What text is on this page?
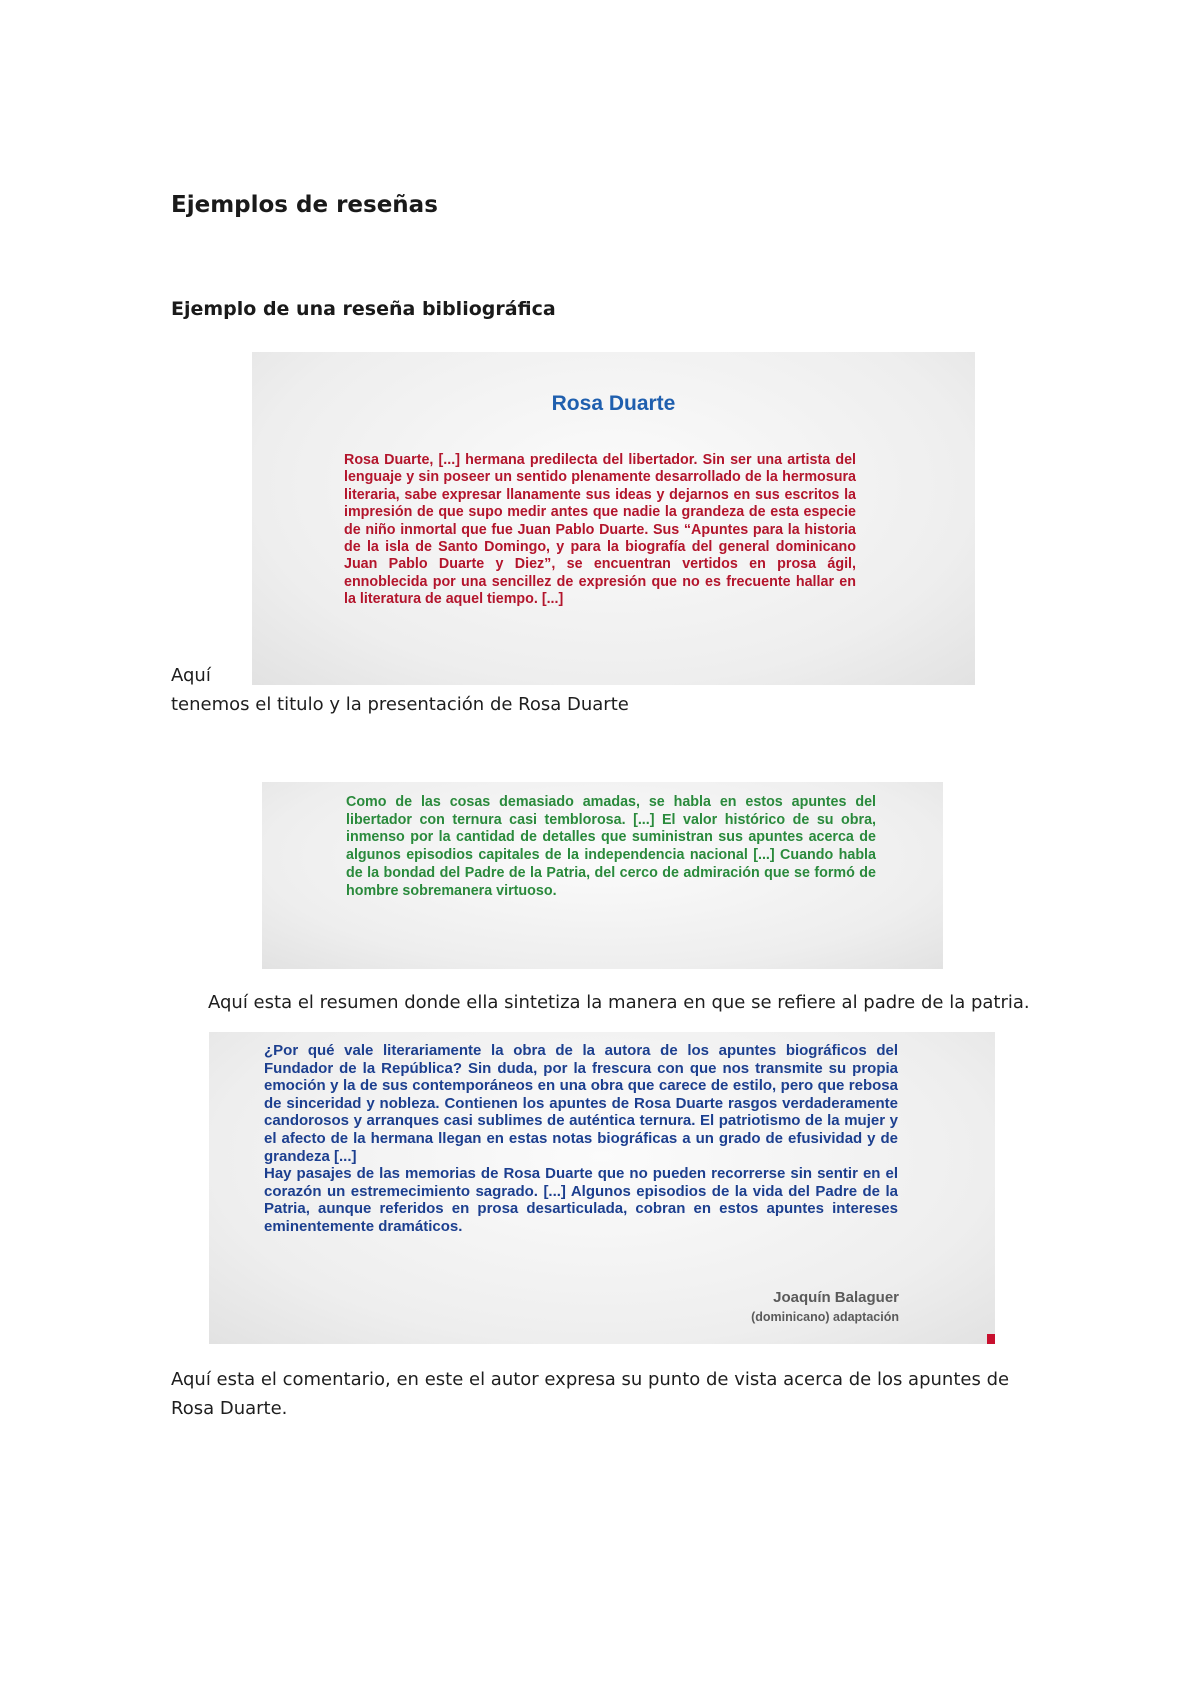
Ejemplos de reseñas
Ejemplo de una reseña bibliográfica
Rosa Duarte

Rosa Duarte, [...] hermana predilecta del libertador. Sin ser una artista del lenguaje y sin poseer un sentido plenamente desarrollado de la hermosura literaria, sabe expresar llanamente sus ideas y dejarnos en sus escritos la impresión de que supo medir antes que nadie la grandeza de esta especie de niño inmortal que fue Juan Pablo Duarte. Sus “Apuntes para la historia de la isla de Santo Domingo, y para la biografía del general dominicano Juan Pablo Duarte y Diez”, se encuentran vertidos en prosa ágil, ennoblecida por una sencillez de expresión que no es frecuente hallar en la literatura de aquel tiempo. [...]

Aquí

tenemos el titulo y la presentación de Rosa Duarte

Como de las cosas demasiado amadas, se habla en estos apuntes del libertador con ternura casi temblorosa. [...] El valor histórico de su obra, inmenso por la cantidad de detalles que suministran sus apuntes acerca de algunos episodios capitales de la independencia nacional [...] Cuando habla de la bondad del Padre de la Patria, del cerco de admiración que se formó de hombre sobremanera virtuoso.

Aquí esta el resumen donde ella sintetiza la manera en que se refiere al padre de la patria.

¿Por qué vale literariamente la obra de la autora de los apuntes biográficos del Fundador de la República? Sin duda, por la frescura con que nos transmite su propia emoción y la de sus contemporáneos en una obra que carece de estilo, pero que rebosa de sinceridad y nobleza. Contienen los apuntes de Rosa Duarte rasgos verdaderamente candorosos y arranques casi sublimes de auténtica ternura. El patriotismo de la mujer y el afecto de la hermana llegan en estas notas biográficas a un grado de efusividad y de grandeza [...]
Hay pasajes de las memorias de Rosa Duarte que no pueden recorrerse sin sentir en el corazón un estremecimiento sagrado. [...] Algunos episodios de la vida del Padre de la Patria, aunque referidos en prosa desarticulada, cobran en estos apuntes intereses eminentemente dramáticos.
Joaquín Balaguer
(dominicano) adaptación

Aquí esta el comentario, en este el autor expresa su punto de vista acerca de los apuntes de

Rosa Duarte.
